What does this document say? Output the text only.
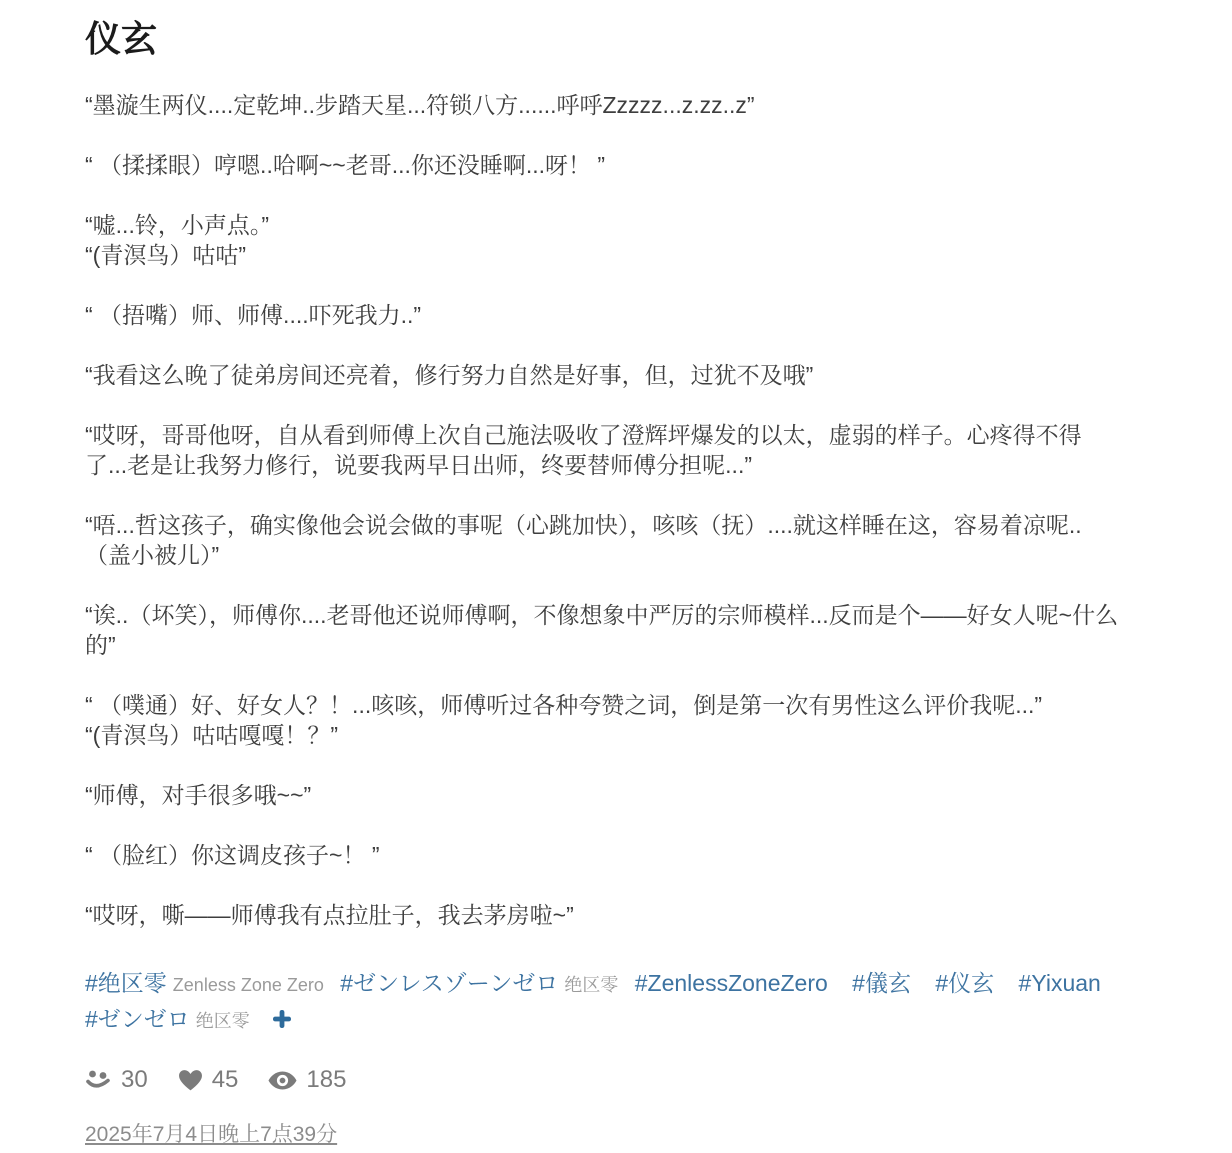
仪玄

“墨漩生两仪....定乾坤..步踏天星...符锁八方......呼呼Zzzzz...z.zz..z”

“ （揉揉眼）哼嗯..哈啊~~老哥...你还没睡啊...呀！ ”

“嘘...铃，小声点。”
“(青溟鸟）咕咕”

“ （捂嘴）师、师傅....吓死我力..”

“我看这么晚了徒弟房间还亮着，修行努力自然是好事，但，过犹不及哦”

“哎呀，哥哥他呀，自从看到师傅上次自己施法吸收了澄辉坪爆发的以太，虚弱的样子。心疼得不得了...老是让我努力修行，说要我两早日出师，终要替师傅分担呢...”

“唔...哲这孩子，确实像他会说会做的事呢（心跳加快），咳咳（抚）....就这样睡在这，容易着凉呢..（盖小被儿）”

“诶..（坏笑），师傅你....老哥他还说师傅啊，不像想象中严厉的宗师模样...反而是个——好女人呢~什么的”

“ （噗通）好、好女人？！...咳咳，师傅听过各种夸赞之词，倒是第一次有男性这么评价我呢...”
“(青溟鸟）咕咕嘎嘎！？”

“师傅，对手很多哦~~”

“ （脸红）你这调皮孩子~！ ”

“哎呀，嘶——师傅我有点拉肚子，我去茅房啦~”

#绝区零 Zenless Zone Zero #ゼンレスゾーンゼロ 绝区零 #ZenlessZoneZero #儀玄 #仪玄 #Yixuan #ゼンゼロ 绝区零
30	45	185
2025年7月4日晚上7点39分
